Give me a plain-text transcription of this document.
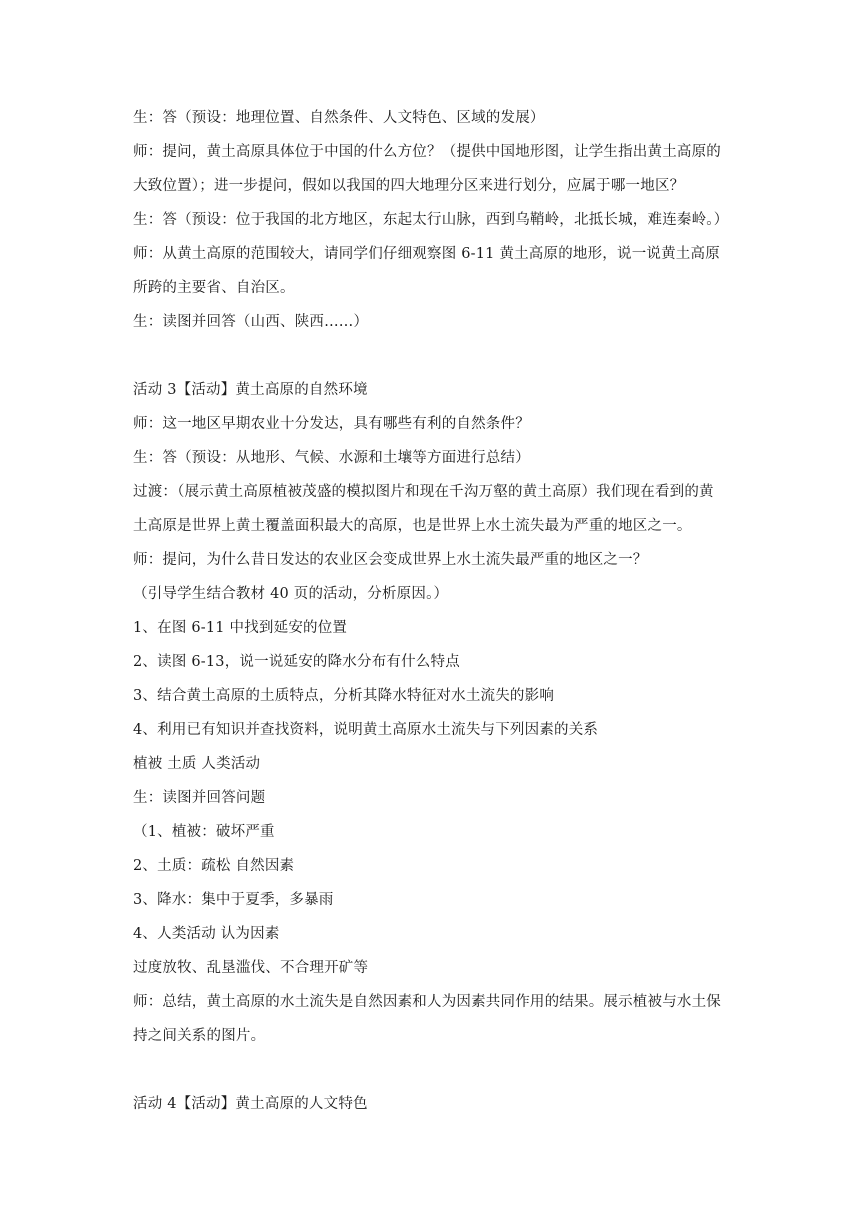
生：答（预设：地理位置、自然条件、人文特色、区域的发展）
师：提问，黄土高原具体位于中国的什么方位？（提供中国地形图，让学生指出黄土高原的
大致位置）；进一步提问，假如以我国的四大地理分区来进行划分，应属于哪一地区？
生：答（预设：位于我国的北方地区，东起太行山脉，西到乌鞘岭，北抵长城，难连秦岭。）
师：从黄土高原的范围较大，请同学们仔细观察图 6-11 黄土高原的地形，说一说黄土高原
所跨的主要省、自治区。
生：读图并回答（山西、陕西……）
活动 3【活动】黄土高原的自然环境
师：这一地区早期农业十分发达，具有哪些有利的自然条件？
生：答（预设：从地形、气候、水源和土壤等方面进行总结）
过渡：（展示黄土高原植被茂盛的模拟图片和现在千沟万壑的黄土高原）我们现在看到的黄
土高原是世界上黄土覆盖面积最大的高原，也是世界上水土流失最为严重的地区之一。
师：提问，为什么昔日发达的农业区会变成世界上水土流失最严重的地区之一？
（引导学生结合教材 40 页的活动，分析原因。）
1、在图 6-11 中找到延安的位置
2、读图 6-13，说一说延安的降水分布有什么特点
3、结合黄土高原的土质特点，分析其降水特征对水土流失的影响
4、利用已有知识并查找资料，说明黄土高原水土流失与下列因素的关系
植被 土质 人类活动
生：读图并回答问题
（1、植被：破坏严重
2、土质：疏松 自然因素
3、降水：集中于夏季，多暴雨
4、人类活动 认为因素
过度放牧、乱垦滥伐、不合理开矿等
师：总结，黄土高原的水土流失是自然因素和人为因素共同作用的结果。展示植被与水土保
持之间关系的图片。
活动 4【活动】黄土高原的人文特色
